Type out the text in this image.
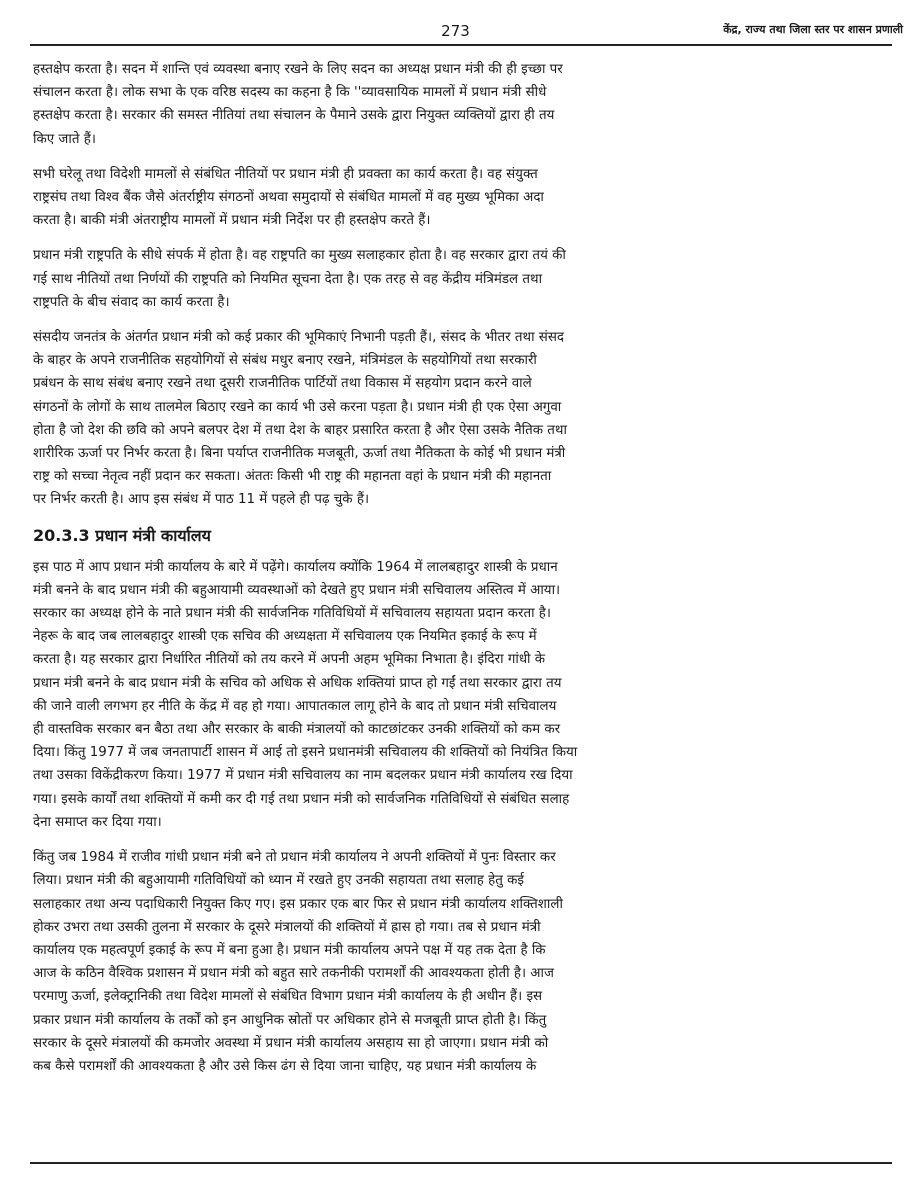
273	केंद्र, राज्य तथा जिला स्तर पर शासन प्रणाली

हस्तक्षेप करता है। सदन में शान्ति एवं व्यवस्था बनाए रखने के लिए सदन का अध्यक्ष प्रधान मंत्री की ही इच्छा पर
संचालन करता है। लोक सभा के एक वरिष्ठ सदस्य का कहना है कि ''व्यावसायिक मामलों में प्रधान मंत्री सीधे
हस्तक्षेप करता है। सरकार की समस्त नीतियां तथा संचालन के पैमाने उसके द्वारा नियुक्त व्यक्तियों द्वारा ही तय
किए जाते हैं।

सभी घरेलू तथा विदेशी मामलों से संबंधित नीतियों पर प्रधान मंत्री ही प्रवक्ता का कार्य करता है। वह संयुक्त
राष्ट्रसंघ तथा विश्व बैंक जैसे अंतर्राष्ट्रीय संगठनों अथवा समुदायों से संबंधित मामलों में वह मुख्य भूमिका अदा
करता है। बाकी मंत्री अंतराष्ट्रीय मामलों में प्रधान मंत्री निर्देश पर ही हस्तक्षेप करते हैं।

प्रधान मंत्री राष्ट्रपति के सीधे संपर्क में होता है। वह राष्ट्रपति का मुख्य सलाहकार होता है। वह सरकार द्वारा तयं की
गई साथ नीतियों तथा निर्णयों की राष्ट्रपति को नियमित सूचना देता है। एक तरह से वह केंद्रीय मंत्रिमंडल तथा
राष्ट्रपति के बीच संवाद का कार्य करता है।

संसदीय जनतंत्र के अंतर्गत प्रधान मंत्री को कई प्रकार की भूमिकाएं निभानी पड़ती हैं।, संसद के भीतर तथा संसद
के बाहर के अपने राजनीतिक सहयोगियों से संबंध मधुर बनाए रखने, मंत्रिमंडल के सहयोगियों तथा सरकारी
प्रबंधन के साथ संबंध बनाए रखने तथा दूसरी राजनीतिक पार्टियों तथा विकास में सहयोग प्रदान करने वाले
संगठनों के लोगों के साथ तालमेल बिठाए रखने का कार्य भी उसे करना पड़ता है। प्रधान मंत्री ही एक ऐसा अगुवा
होता है जो देश की छवि को अपने बलपर देश में तथा देश के बाहर प्रसारित करता है और ऐसा उसके नैतिक तथा
शारीरिक ऊर्जा पर निर्भर करता है। बिना पर्याप्त राजनीतिक मजबूती, ऊर्जा तथा नैतिकता के कोई भी प्रधान मंत्री
राष्ट्र को सच्चा नेतृत्व नहीं प्रदान कर सकता। अंततः किसी भी राष्ट्र की महानता वहां के प्रधान मंत्री की महानता
पर निर्भर करती है। आप इस संबंध में पाठ 11 में पहले ही पढ़ चुके हैं।

20.3.3 प्रधान मंत्री कार्यालय

इस पाठ में आप प्रधान मंत्री कार्यालय के बारे में पढ़ेंगे। कार्यालय क्योंकि 1964 में लालबहादुर शास्त्री के प्रधान
मंत्री बनने के बाद प्रधान मंत्री की बहुआयामी व्यवस्थाओं को देखते हुए प्रधान मंत्री सचिवालय अस्तित्व में आया।
सरकार का अध्यक्ष होने के नाते प्रधान मंत्री की सार्वजनिक गतिविधियों में सचिवालय सहायता प्रदान करता है।
नेहरू के बाद जब लालबहादुर शास्त्री एक सचिव की अध्यक्षता में सचिवालय एक नियमित इकाई के रूप में
करता है। यह सरकार द्वारा निर्धारित नीतियों को तय करने में अपनी अहम भूमिका निभाता है। इंदिरा गांधी के
प्रधान मंत्री बनने के बाद प्रधान मंत्री के सचिव को अधिक से अधिक शक्तियां प्राप्त हो गईं तथा सरकार द्वारा तय
की जाने वाली लगभग हर नीति के केंद्र में वह हो गया। आपातकाल लागू होने के बाद तो प्रधान मंत्री सचिवालय
ही वास्तविक सरकार बन बैठा तथा और सरकार के बाकी मंत्रालयों को काटछांटकर उनकी शक्तियों को कम कर
दिया। किंतु 1977 में जब जनतापार्टी शासन में आई तो इसने प्रधानमंत्री सचिवालय की शक्तियों को नियंत्रित किया
तथा उसका विकेंद्रीकरण किया। 1977 में प्रधान मंत्री सचिवालय का नाम बदलकर प्रधान मंत्री कार्यालय रख दिया
गया। इसके कार्यों तथा शक्तियों में कमी कर दी गई तथा प्रधान मंत्री को सार्वजनिक गतिविधियों से संबंधित सलाह
देना समाप्त कर दिया गया।

किंतु जब 1984 में राजीव गांधी प्रधान मंत्री बने तो प्रधान मंत्री कार्यालय ने अपनी शक्तियों में पुनः विस्तार कर
लिया। प्रधान मंत्री की बहुआयामी गतिविधियों को ध्यान में रखते हुए उनकी सहायता तथा सलाह हेतु कई
सलाहकार तथा अन्य पदाधिकारी नियुक्त किए गए। इस प्रकार एक बार फिर से प्रधान मंत्री कार्यालय शक्तिशाली
होकर उभरा तथा उसकी तुलना में सरकार के दूसरे मंत्रालयों की शक्तियों में ह्रास हो गया। तब से प्रधान मंत्री
कार्यालय एक महत्वपूर्ण इकाई के रूप में बना हुआ है। प्रधान मंत्री कार्यालय अपने पक्ष में यह तक देता है कि
आज के कठिन वैश्विक प्रशासन में प्रधान मंत्री को बहुत सारे तकनीकी परामर्शों की आवश्यकता होती है। आज
परमाणु ऊर्जा, इलेक्ट्रानिकी तथा विदेश मामलों से संबंधित विभाग प्रधान मंत्री कार्यालय के ही अधीन हैं। इस
प्रकार प्रधान मंत्री कार्यालय के तर्कों को इन आधुनिक स्रोतों पर अधिकार होने से मजबूती प्राप्त होती है। किंतु
सरकार के दूसरे मंत्रालयों की कमजोर अवस्था में प्रधान मंत्री कार्यालय असहाय सा हो जाएगा। प्रधान मंत्री को
कब कैसे परामर्शों की आवश्यकता है और उसे किस ढंग से दिया जाना चाहिए, यह प्रधान मंत्री कार्यालय के
